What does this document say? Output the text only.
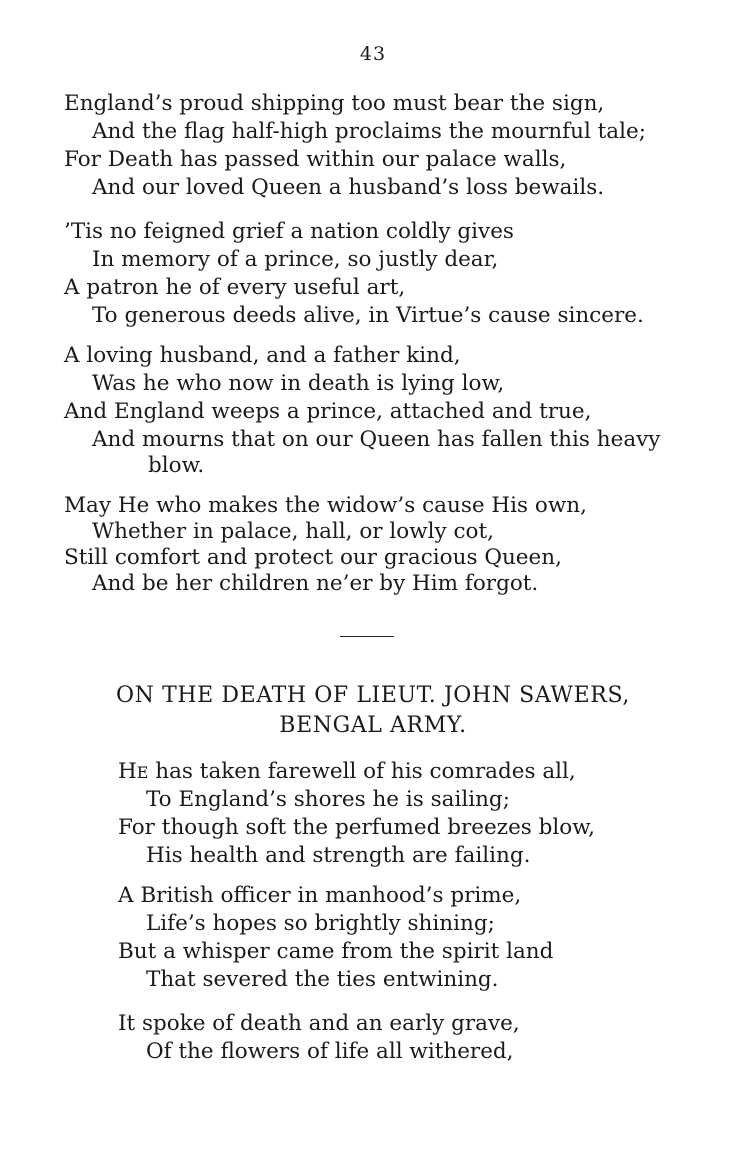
43
England’s proud shipping too must bear the sign,
And the flag half-high proclaims the mournful tale;
For Death has passed within our palace walls,
And our loved Queen a husband’s loss bewails.
’Tis no feigned grief a nation coldly gives
In memory of a prince, so justly dear,
A patron he of every useful art,
To generous deeds alive, in Virtue’s cause sincere.
A loving husband, and a father kind,
Was he who now in death is lying low,
And England weeps a prince, attached and true,
And mourns that on our Queen has fallen this heavy
blow.
May He who makes the widow’s cause His own,
Whether in palace, hall, or lowly cot,
Still comfort and protect our gracious Queen,
And be her children ne’er by Him forgot.
ON THE DEATH OF LIEUT. JOHN SAWERS,
BENGAL ARMY.
HE has taken farewell of his comrades all,
To England’s shores he is sailing;
For though soft the perfumed breezes blow,
His health and strength are failing.
A British officer in manhood’s prime,
Life’s hopes so brightly shining;
But a whisper came from the spirit land
That severed the ties entwining.
It spoke of death and an early grave,
Of the flowers of life all withered,
